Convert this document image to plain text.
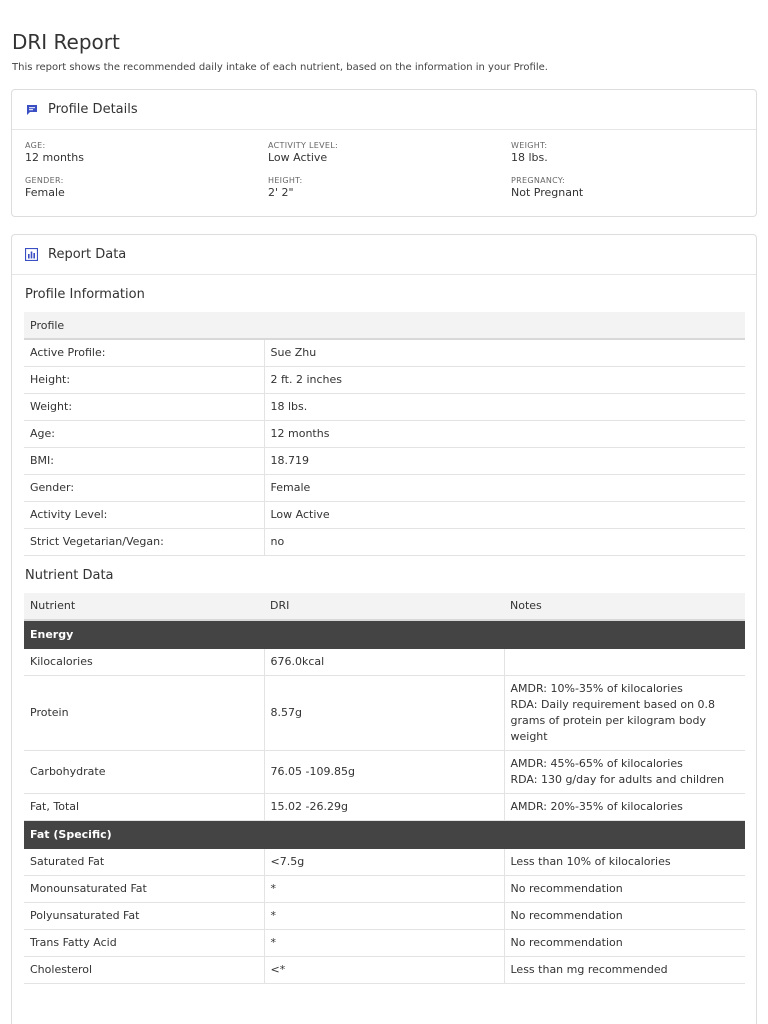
DRI Report
This report shows the recommended daily intake of each nutrient, based on the information in your Profile.
Profile Details
AGE:
12 months
ACTIVITY LEVEL:
Low Active
WEIGHT:
18 lbs.
GENDER:
Female
HEIGHT:
2' 2"
PREGNANCY:
Not Pregnant
Report Data
Profile Information
Profile	
Active Profile:	Sue Zhu
Height:	2 ft. 2 inches
Weight:	18 lbs.
Age:	12 months
BMI:	18.719
Gender:	Female
Activity Level:	Low Active
Strict Vegetarian/Vegan:	no
Nutrient Data
Nutrient	DRI	Notes
Energy		
Kilocalories	676.0kcal	
Protein	8.57g	AMDR: 10%-35% of kilocalories
RDA: Daily requirement based on 0.8 grams of protein per kilogram body weight

Carbohydrate	76.05 -109.85g	AMDR: 45%-65% of kilocalories
RDA: 130 g/day for adults and children

Fat, Total	15.02 -26.29g	AMDR: 20%-35% of kilocalories

Fat (Specific)		
Saturated Fat	<7.5g	Less than 10% of kilocalories

Monounsaturated Fat	*	No recommendation

Polyunsaturated Fat	*	No recommendation

Trans Fatty Acid	*	No recommendation

Cholesterol	<*	Less than mg recommended
